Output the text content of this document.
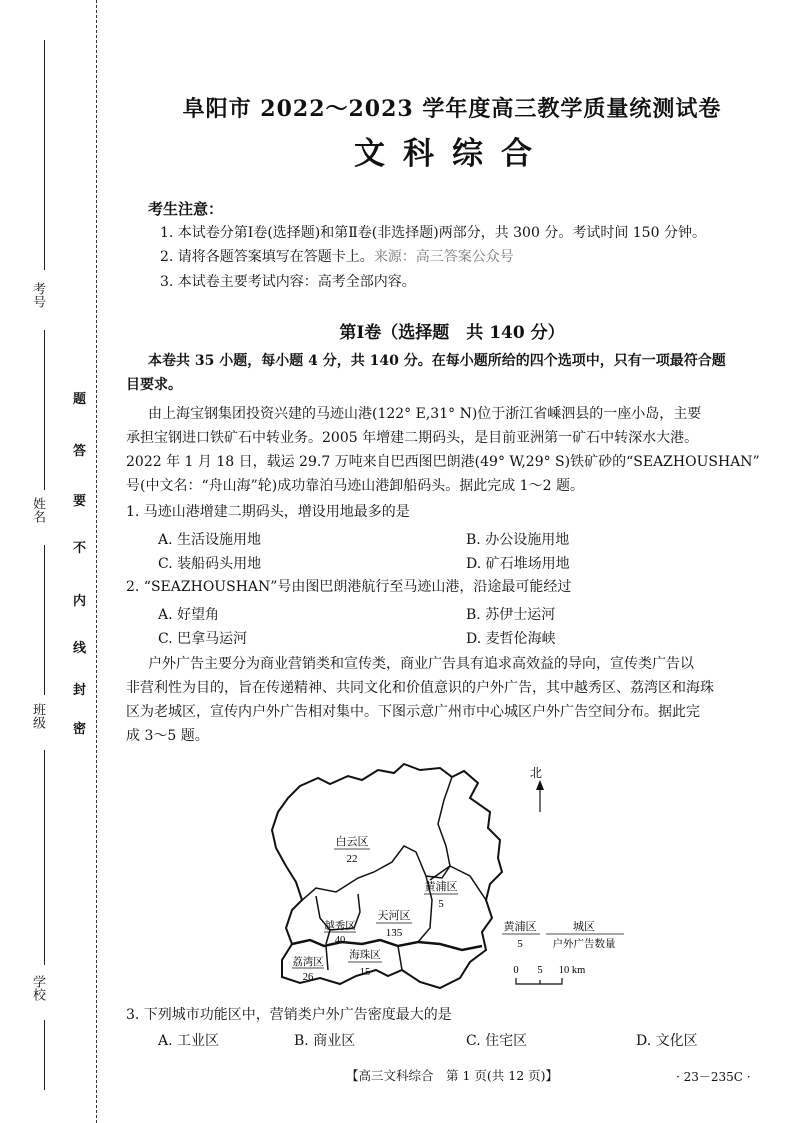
考号
姓名
班级
学校
密
封
线
内
不
要
答
题
阜阳市 2022～2023 学年度高三教学质量统测试卷
文科综合
考生注意：
1. 本试卷分第Ⅰ卷(选择题)和第Ⅱ卷(非选择题)两部分，共 300 分。考试时间 150 分钟。
2. 请将各题答案填写在答题卡上。来源：高三答案公众号
3. 本试卷主要考试内容：高考全部内容。
第Ⅰ卷（选择题　共 140 分）
本卷共 35 小题，每小题 4 分，共 140 分。在每小题所给的四个选项中，只有一项最符合题
目要求。
由上海宝钢集团投资兴建的马迹山港(122° E,31° N)位于浙江省嵊泗县的一座小岛，主要
承担宝钢进口铁矿石中转业务。2005 年增建二期码头，是目前亚洲第一矿石中转深水大港。
2022 年 1 月 18 日，载运 29.7 万吨来自巴西图巴朗港(49° W,29° S)铁矿砂的“SEAZHOUSHAN”
号(中文名：“舟山海”轮)成功靠泊马迹山港卸船码头。据此完成 1～2 题。
1. 马迹山港增建二期码头，增设用地最多的是
A. 生活设施用地	B. 办公设施用地
C. 装船码头用地	D. 矿石堆场用地
2. “SEAZHOUSHAN”号由图巴朗港航行至马迹山港，沿途最可能经过
A. 好望角	B. 苏伊士运河
C. 巴拿马运河	D. 麦哲伦海峡
户外广告主要分为商业营销类和宣传类，商业广告具有追求高效益的导向，宣传类广告以
非营利性为目的，旨在传递精神、共同文化和价值意识的户外广告，其中越秀区、荔湾区和海珠
区为老城区，宣传内户外广告相对集中。下图示意广州市中心城区户外广告空间分布。据此完
成 3～5 题。
白云区
22
黄浦区
5
天河区
135
越秀区
40
荔湾区
26
海珠区
15
北
黄浦区
5
城区
户外广告数量
0 5 10 km
3. 下列城市功能区中，营销类户外广告密度最大的是
A. 工业区	B. 商业区	C. 住宅区	D. 文化区
【高三文科综合　第 1 页(共 12 页)】	· 23－235C ·
